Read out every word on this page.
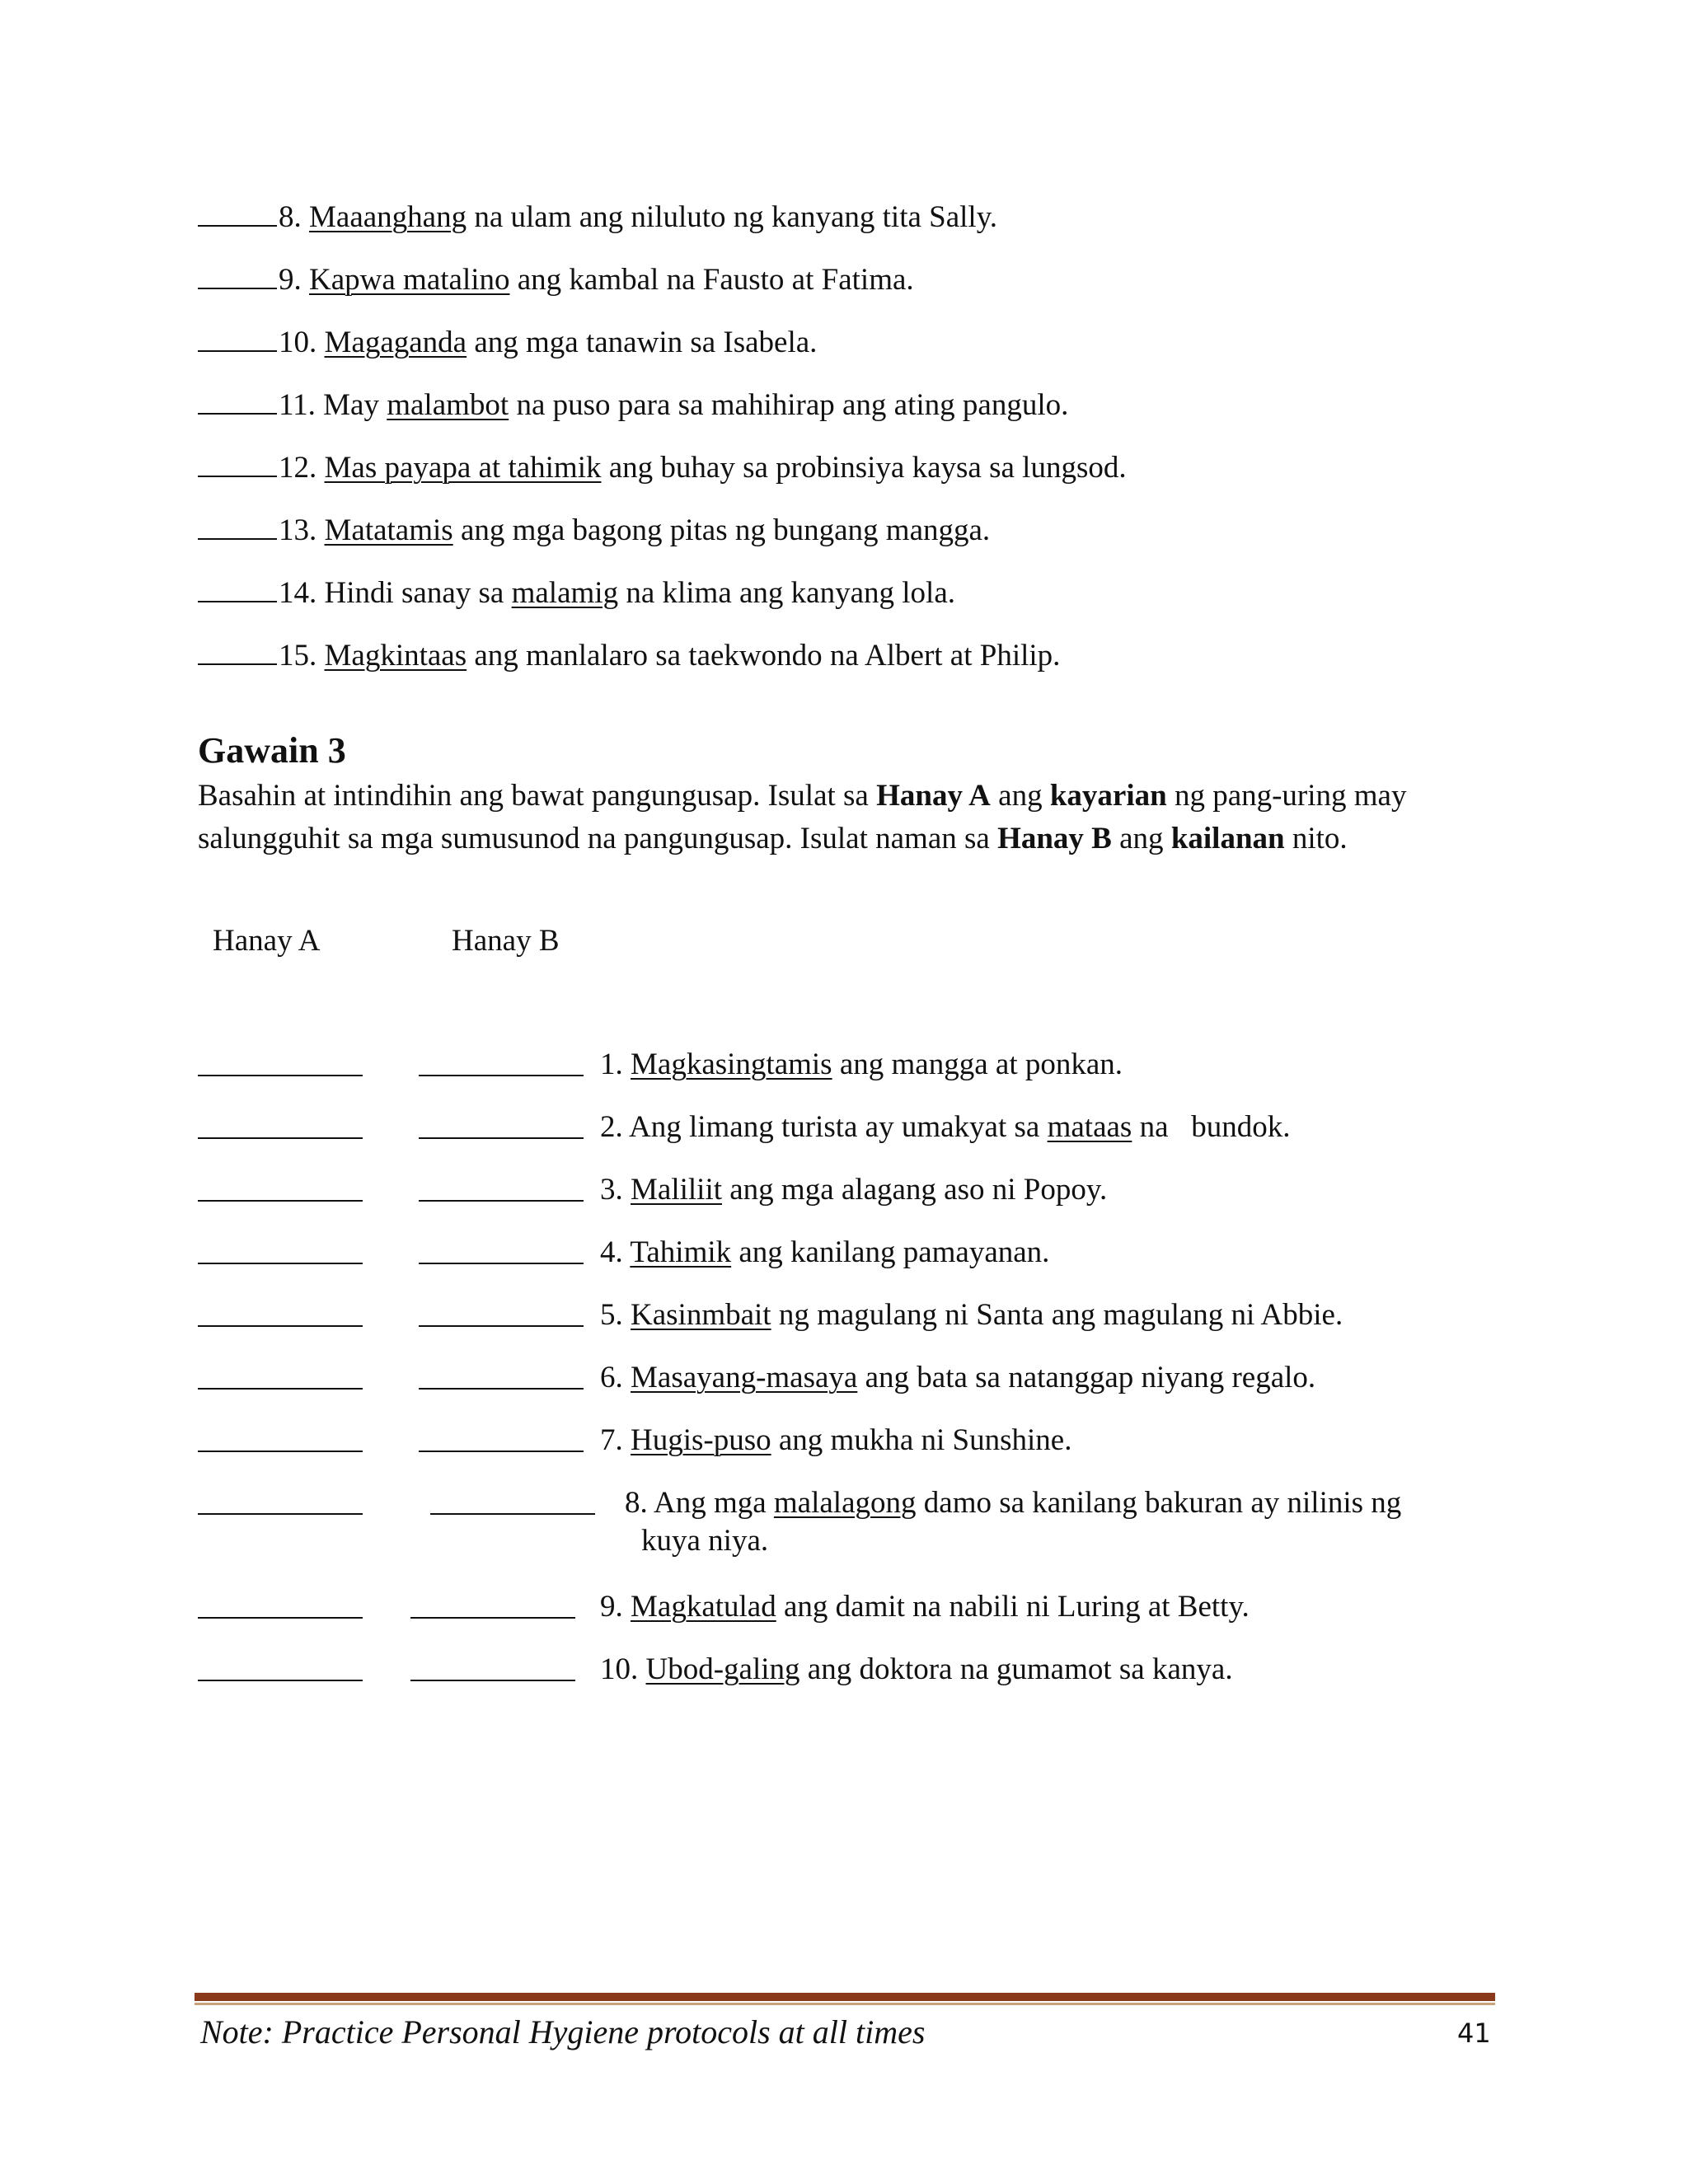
8. Maaanghang na ulam ang niluluto ng kanyang tita Sally.
9. Kapwa matalino ang kambal na Fausto at Fatima.
10. Magaganda ang mga tanawin sa Isabela.
11. May malambot na puso para sa mahihirap ang ating pangulo.
12. Mas payapa at tahimik ang buhay sa probinsiya kaysa sa lungsod.
13. Matatamis ang mga bagong pitas ng bungang mangga.
14. Hindi sanay sa malamig na klima ang kanyang lola.
15. Magkintaas ang manlalaro sa taekwondo na Albert at Philip.
Gawain 3
Basahin at intindihin ang bawat pangungusap. Isulat sa Hanay A ang kayarian ng pang-uring may
salungguhit sa mga sumusunod na pangungusap. Isulat naman sa Hanay B ang kailanan nito.
Hanay A	Hanay B
1. Magkasingtamis ang mangga at ponkan.
2. Ang limang turista ay umakyat sa mataas na   bundok.
3. Maliliit ang mga alagang aso ni Popoy.
4. Tahimik ang kanilang pamayanan.
5. Kasinmbait ng magulang ni Santa ang magulang ni Abbie.
6. Masayang-masaya ang bata sa natanggap niyang regalo.
7. Hugis-puso ang mukha ni Sunshine.
8. Ang mga malalagong damo sa kanilang bakuran ay nilinis ng
kuya niya.
9. Magkatulad ang damit na nabili ni Luring at Betty.
10. Ubod-galing ang doktora na gumamot sa kanya.
Note: Practice Personal Hygiene protocols at all times	41
